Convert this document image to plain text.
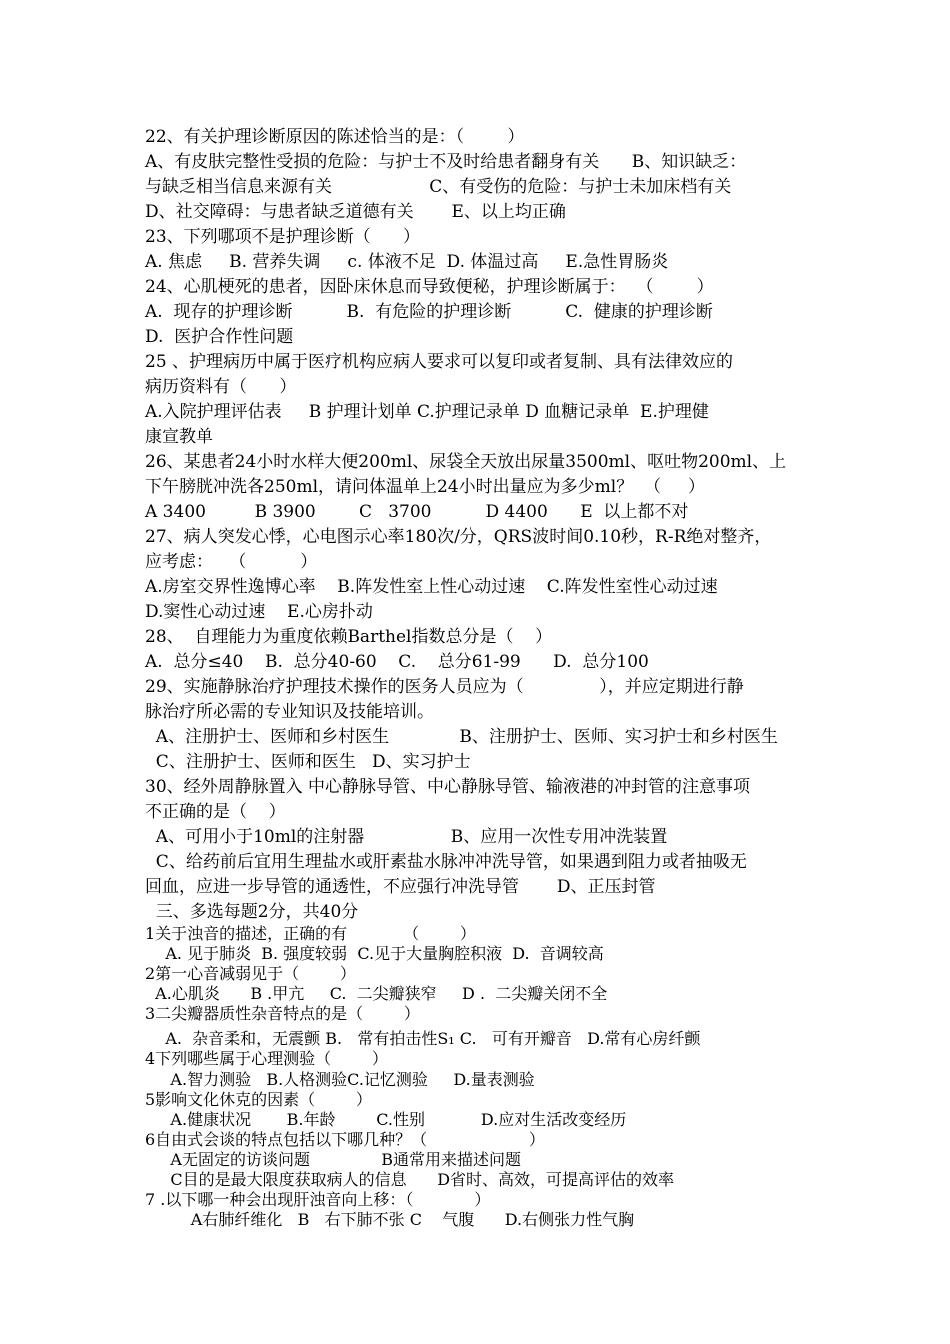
22、有关护理诊断原因的陈述恰当的是：（        ）
A、有皮肤完整性受损的危险：与护士不及时给患者翻身有关      B、知识缺乏：
与缺乏相当信息来源有关                  C、有受伤的危险：与护士未加床档有关
D、社交障碍：与患者缺乏道德有关       E、以上均正确
23、下列哪项不是护理诊断（      ）
A. 焦虑     B. 营养失调     c. 体液不足  D. 体温过高     E.急性胃肠炎
24、心肌梗死的患者，因卧床休息而导致便秘，护理诊断属于：  （        ）
A.  现存的护理诊断          B.  有危险的护理诊断          C.  健康的护理诊断
D.  医护合作性问题
25 、护理病历中属于医疗机构应病人要求可以复印或者复制、具有法律效应的
病历资料有（      ）
A.入院护理评估表     B 护理计划单 C.护理记录单 D 血糖记录单  E.护理健
康宣教单
26、某患者24小时水样大便200ml、尿袋全天放出尿量3500ml、呕吐物200ml、上
下午膀胱冲洗各250ml，请问体温单上24小时出量应为多少ml？  （     ）
A 3400         B 3900        C   3700          D 4400      E  以上都不对
27、病人突发心悸，心电图示心率180次/分，QRS波时间0.10秒，R-R绝对整齐，
应考虑：   （          ）
A.房室交界性逸博心率    B.阵发性室上性心动过速    C.阵发性室性心动过速
D.窦性心动过速    E.心房扑动
28、  自理能力为重度依赖Barthel指数总分是（    ）
A.  总分≤40    B.  总分40-60    C.    总分61-99      D.  总分100
29、实施静脉治疗护理技术操作的医务人员应为（              ），并应定期进行静
脉治疗所必需的专业知识及技能培训。
A、注册护士、医师和乡村医生             B、注册护士、医师、实习护士和乡村医生
C、注册护士、医师和医生   D、实习护士
30、经外周静脉置入 中心静脉导管、中心静脉导管、输液港的冲封管的注意事项
不正确的是（    ）
A、可用小于10ml的注射器                B、应用一次性专用冲洗装置
C、给药前后宜用生理盐水或肝素盐水脉冲冲洗导管，如果遇到阻力或者抽吸无
回血，应进一步导管的通透性，不应强行冲洗导管       D、正压封管
三、多选每题2分，共40分
1关于浊音的描述，正确的有           （        ）
A. 见于肺炎  B. 强度较弱  C.见于大量胸腔积液  D.  音调较高
2第一心音减弱见于（        ）
A.心肌炎      B .甲亢     C.  二尖瓣狭窄     D .  二尖瓣关闭不全
3二尖瓣器质性杂音特点的是（        ）
A.  杂音柔和，无震颤 B.   常有拍击性S₁ C.   可有开瓣音   D.常有心房纤颤
4下列哪些属于心理测验（        ）
A.智力测验   B.人格测验C.记忆测验     D.量表测验
5影响文化休克的因素（        ）
A.健康状况       B.年龄        C.性别           D.应对生活改变经历
6自由式会谈的特点包括以下哪几种？（                    ）
A无固定的访谈问题              B通常用来描述问题
C目的是最大限度获取病人的信息      D省时、高效，可提高评估的效率
7 .以下哪一种会出现肝浊音向上移：（            ）
A右肺纤维化   B   右下肺不张 C    气腹      D.右侧张力性气胸
